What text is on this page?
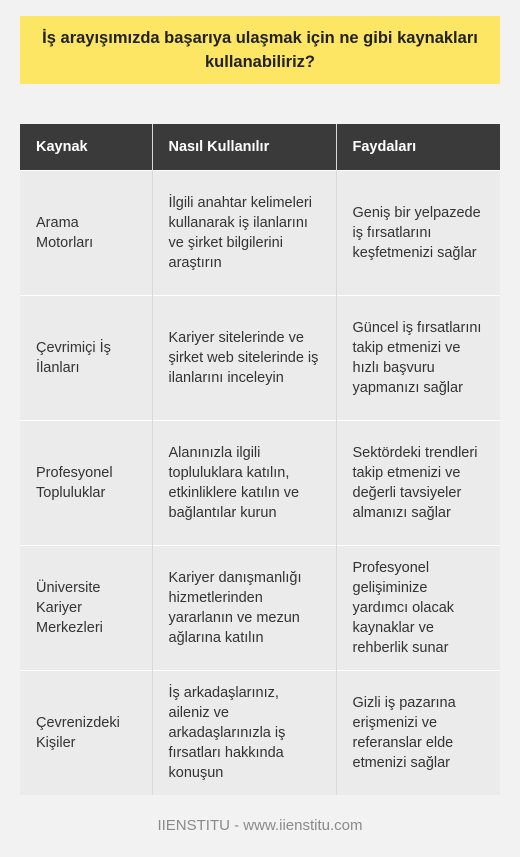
İş arayışımızda başarıya ulaşmak için ne gibi kaynakları kullanabiliriz?
Kaynak	Nasıl Kullanılır	Faydaları
Arama Motorları	İlgili anahtar kelimeleri kullanarak iş ilanlarını ve şirket bilgilerini araştırın	Geniş bir yelpazede iş fırsatlarını keşfetmenizi sağlar
Çevrimiçi İş İlanları	Kariyer sitelerinde ve şirket web sitelerinde iş ilanlarını inceleyin	Güncel iş fırsatlarını takip etmenizi ve hızlı başvuru yapmanızı sağlar
Profesyonel Topluluklar	Alanınızla ilgili topluluklara katılın, etkinliklere katılın ve bağlantılar kurun	Sektördeki trendleri takip etmenizi ve değerli tavsiyeler almanızı sağlar
Üniversite Kariyer Merkezleri	Kariyer danışmanlığı hizmetlerinden yararlanın ve mezun ağlarına katılın	Profesyonel gelişiminize yardımcı olacak kaynaklar ve rehberlik sunar
Çevrenizdeki Kişiler	İş arkadaşlarınız, aileniz ve arkadaşlarınızla iş fırsatları hakkında konuşun	Gizli iş pazarına erişmenizi ve referanslar elde etmenizi sağlar
IIENSTITU - www.iienstitu.com
